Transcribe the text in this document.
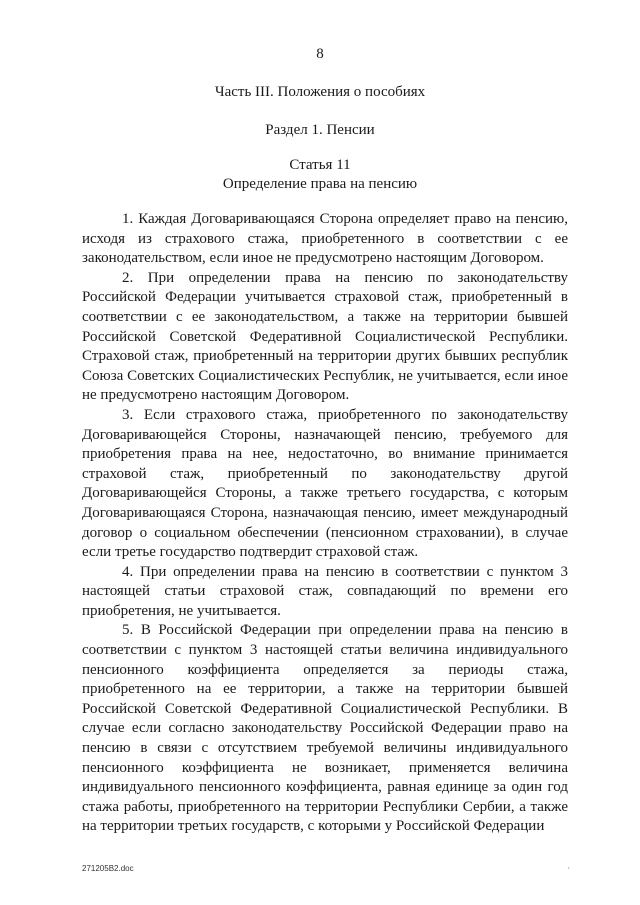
8
Часть III. Положения о пособиях
Раздел 1. Пенсии
Статья 11
Определение права на пенсию

1. Каждая Договаривающаяся Сторона определяет право на пенсию, исходя из страхового стажа, приобретенного в соответствии с ее законодательством, если иное не предусмотрено настоящим Договором.

2. При определении права на пенсию по законодательству Российской Федерации учитывается страховой стаж, приобретенный в соответствии с ее законодательством, а также на территории бывшей Российской Советской Федеративной Социалистической Республики. Страховой стаж, приобретенный на территории других бывших республик Союза Советских Социалистических Республик, не учитывается, если иное не предусмотрено настоящим Договором.

3. Если страхового стажа, приобретенного по законодательству Договаривающейся Стороны, назначающей пенсию, требуемого для приобретения права на нее, недостаточно, во внимание принимается страховой стаж, приобретенный по законодательству другой Договаривающейся Стороны, а также третьего государства, с которым Договаривающаяся Сторона, назначающая пенсию, имеет международный договор о социальном обеспечении (пенсионном страховании), в случае если третье государство подтвердит страховой стаж.

4. При определении права на пенсию в соответствии с пунктом 3 настоящей статьи страховой стаж, совпадающий по времени его приобретения, не учитывается.

5. В Российской Федерации при определении права на пенсию в соответствии с пунктом 3 настоящей статьи величина индивидуального пенсионного коэффициента определяется за периоды стажа, приобретенного на ее территории, а также на территории бывшей Российской Советской Федеративной Социалистической Республики. В случае если согласно законодательству Российской Федерации право на пенсию в связи с отсутствием требуемой величины индивидуального пенсионного коэффициента не возникает, применяется величина индивидуального пенсионного коэффициента, равная единице за один год стажа работы, приобретенного на территории Республики Сербии, а также на территории третьих государств, с которыми у Российской Федерации

271205B2.doc	·
